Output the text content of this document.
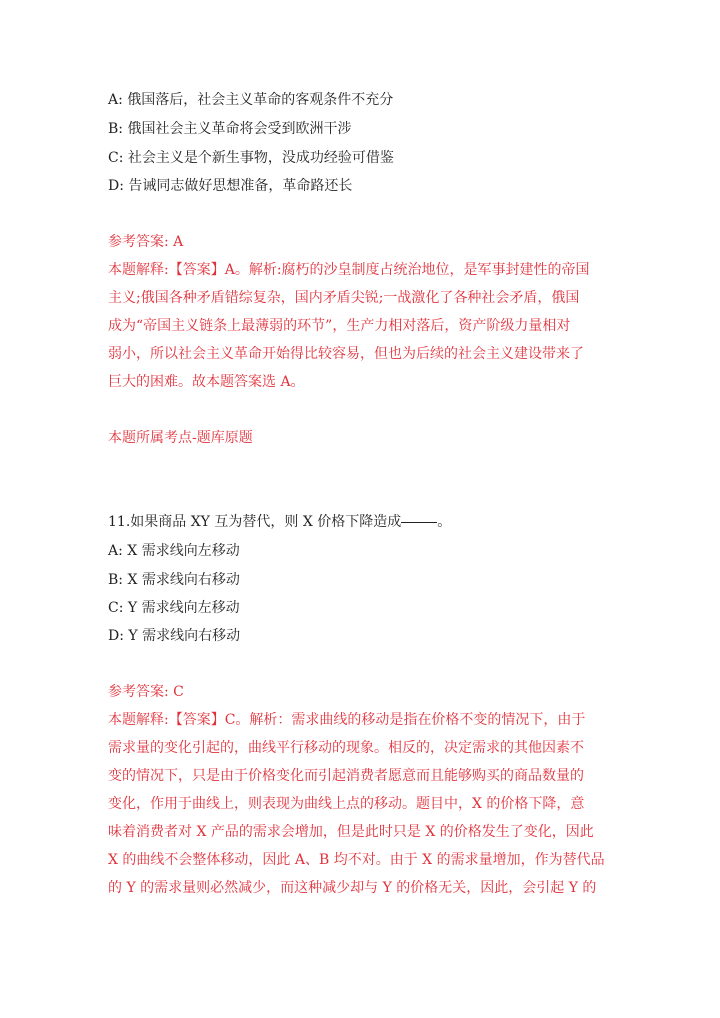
A: 俄国落后，社会主义革命的客观条件不充分
B: 俄国社会主义革命将会受到欧洲干涉
C: 社会主义是个新生事物，没成功经验可借鉴
D: 告诫同志做好思想准备，革命路还长
参考答案: A
本题解释:【答案】A。解析:腐朽的沙皇制度占统治地位，是军事封建性的帝国
主义;俄国各种矛盾错综复杂，国内矛盾尖锐;一战激化了各种社会矛盾，俄国
成为“帝国主义链条上最薄弱的环节”，生产力相对落后，资产阶级力量相对
弱小，所以社会主义革命开始得比较容易，但也为后续的社会主义建设带来了
巨大的困难。故本题答案选 A。
本题所属考点-题库原题
11.如果商品 XY 互为替代，则 X 价格下降造成	。
A: X 需求线向左移动
B: X 需求线向右移动
C: Y 需求线向左移动
D: Y 需求线向右移动
参考答案: C
本题解释:【答案】C。解析：需求曲线的移动是指在价格不变的情况下，由于
需求量的变化引起的，曲线平行移动的现象。相反的，决定需求的其他因素不
变的情况下，只是由于价格变化而引起消费者愿意而且能够购买的商品数量的
变化，作用于曲线上，则表现为曲线上点的移动。题目中，X 的价格下降，意
味着消费者对 X 产品的需求会增加，但是此时只是 X 的价格发生了变化，因此
X 的曲线不会整体移动，因此 A、B 均不对。由于 X 的需求量增加，作为替代品
的 Y 的需求量则必然减少，而这种减少却与 Y 的价格无关，因此，会引起 Y 的
